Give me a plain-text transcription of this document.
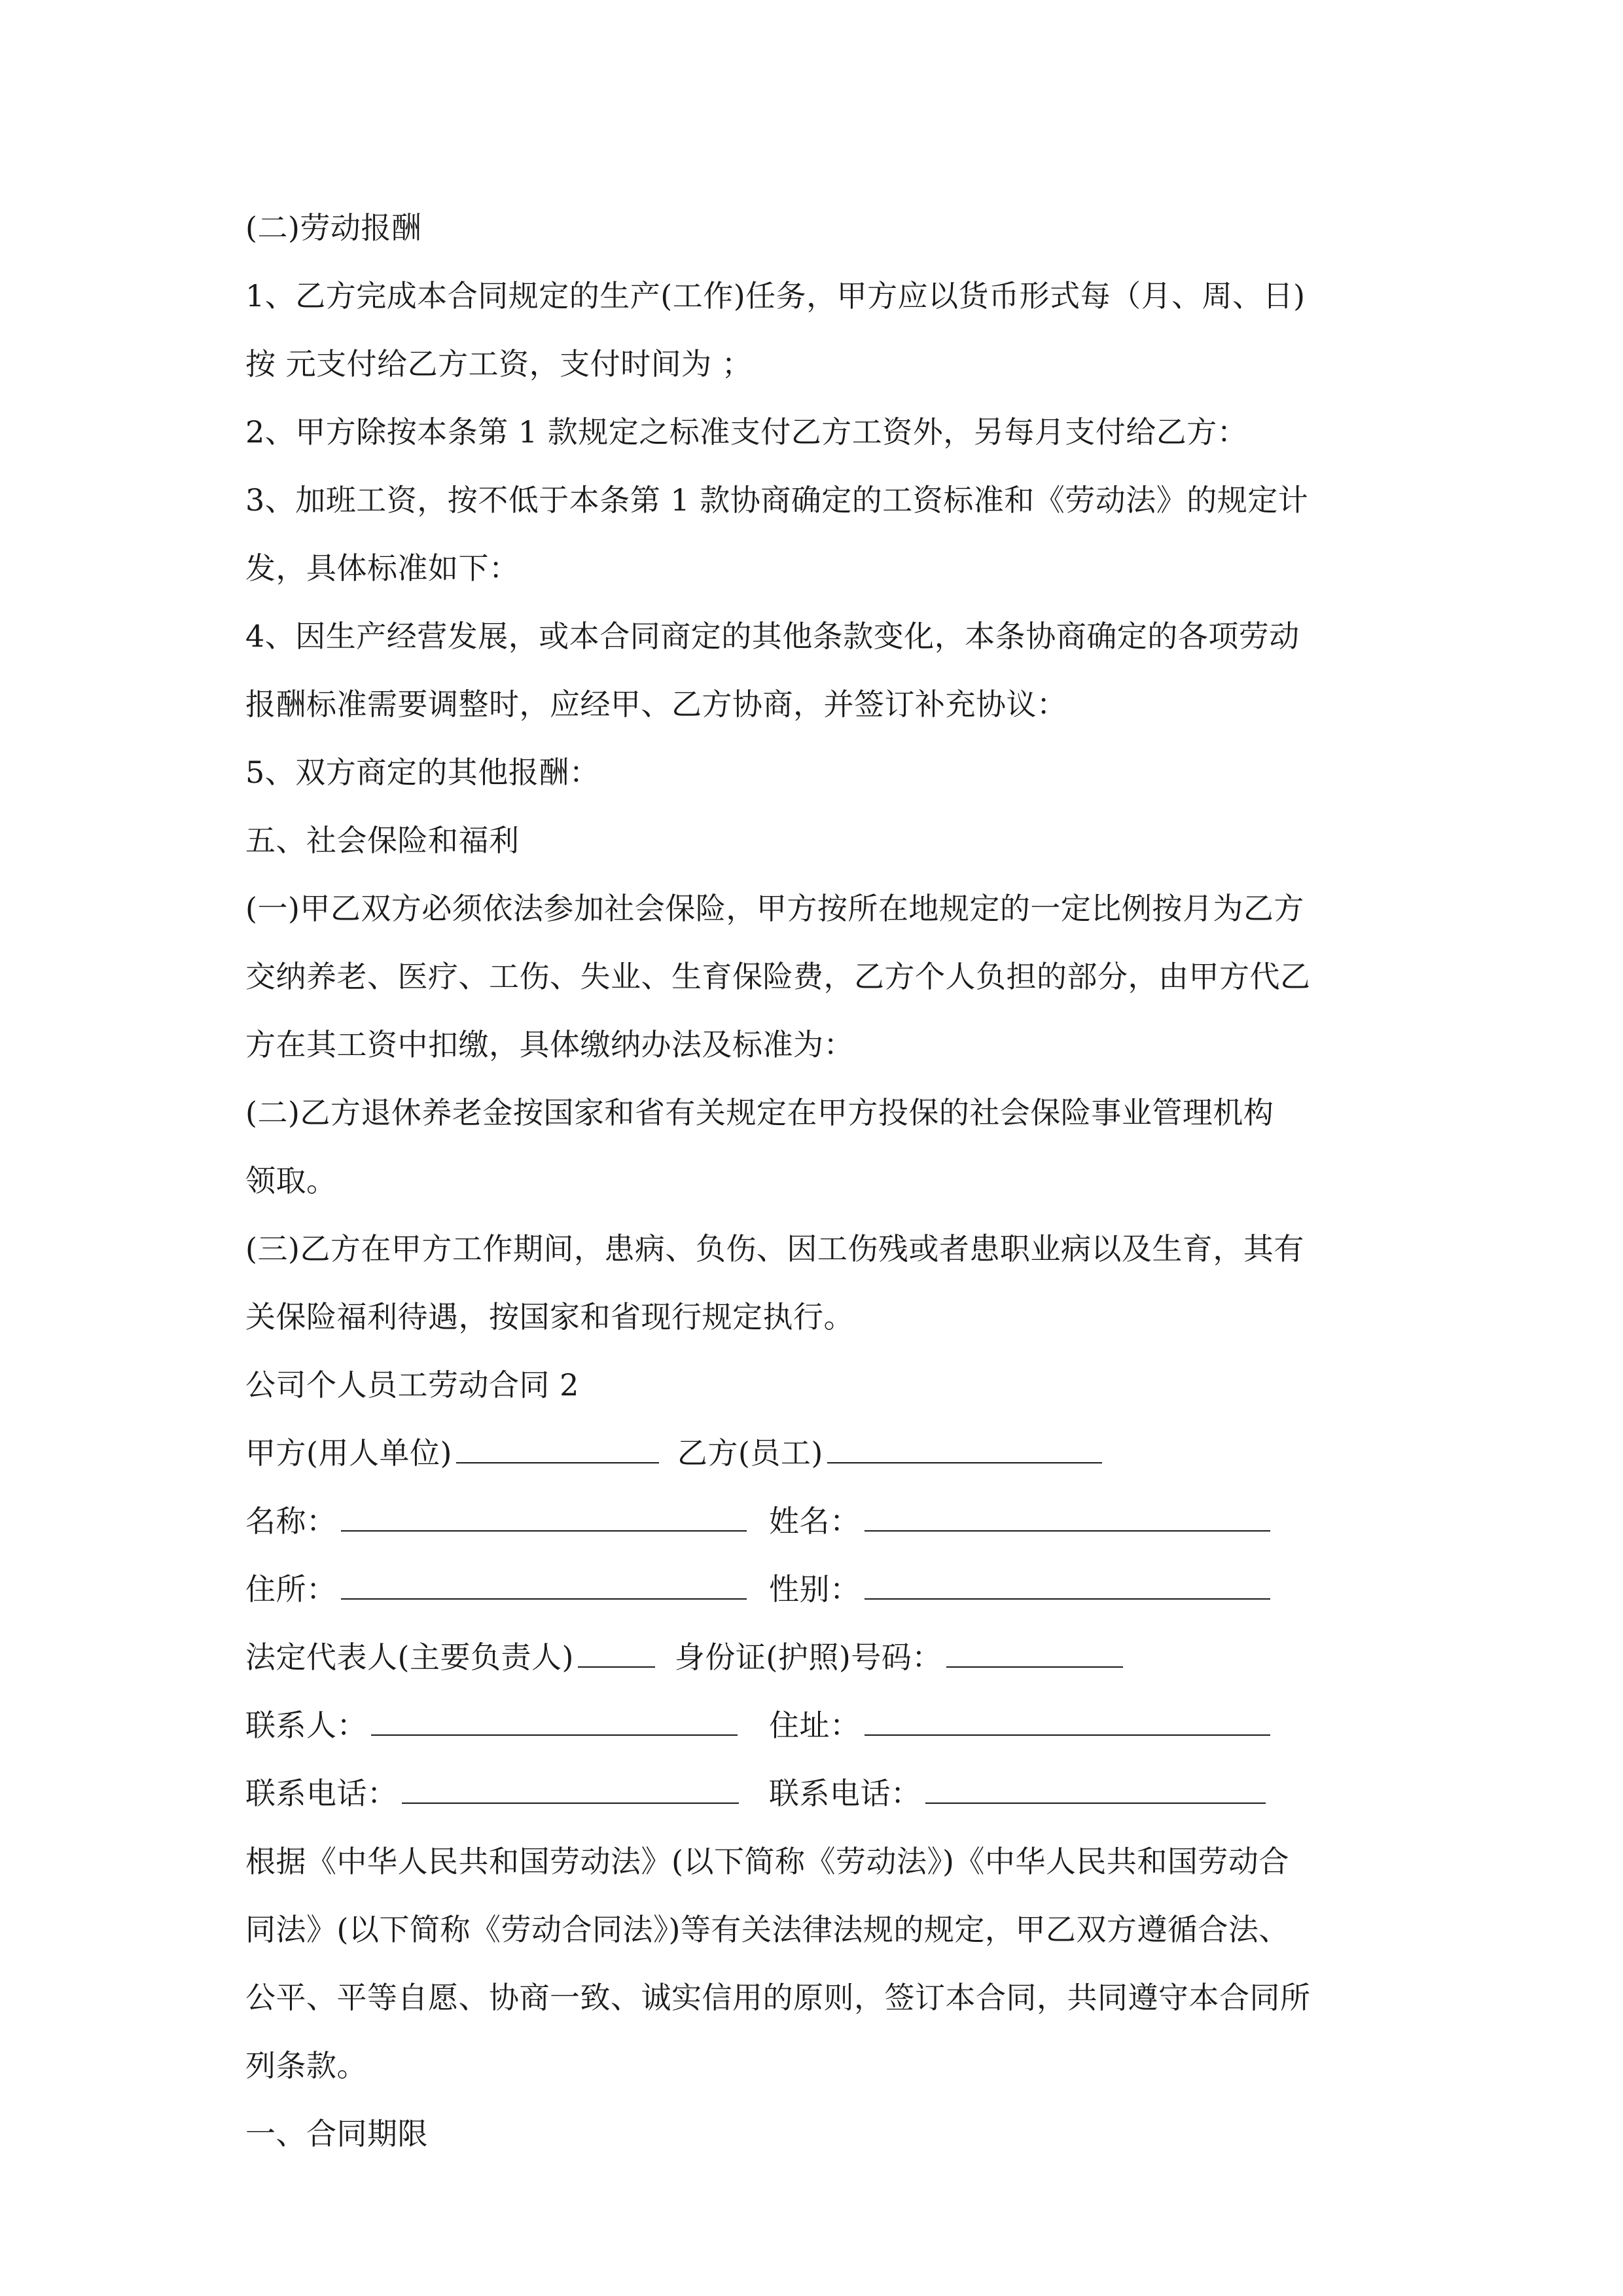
(二)劳动报酬
1、乙方完成本合同规定的生产(工作)任务，甲方应以货币形式每（月、周、日)
按 元支付给乙方工资，支付时间为 ；
2、甲方除按本条第 1 款规定之标准支付乙方工资外，另每月支付给乙方：
3、加班工资，按不低于本条第 1 款协商确定的工资标准和《劳动法》的规定计
发，具体标准如下：
4、因生产经营发展，或本合同商定的其他条款变化，本条协商确定的各项劳动
报酬标准需要调整时，应经甲、乙方协商，并签订补充协议：
5、双方商定的其他报酬：
五、社会保险和福利
(一)甲乙双方必须依法参加社会保险，甲方按所在地规定的一定比例按月为乙方
交纳养老、医疗、工伤、失业、生育保险费，乙方个人负担的部分，由甲方代乙
方在其工资中扣缴，具体缴纳办法及标准为：
(二)乙方退休养老金按国家和省有关规定在甲方投保的社会保险事业管理机构
领取。
(三)乙方在甲方工作期间，患病、负伤、因工伤残或者患职业病以及生育，其有
关保险福利待遇，按国家和省现行规定执行。
公司个人员工劳动合同 2
甲方(用人单位)	乙方(员工)
名称：	姓名：
住所：	性别：
法定代表人(主要负责人)	身份证(护照)号码：
联系人：	住址：
联系电话：	联系电话：
根据《中华人民共和国劳动法》(以下简称《劳动法》)《中华人民共和国劳动合
同法》(以下简称《劳动合同法》)等有关法律法规的规定，甲乙双方遵循合法、
公平、平等自愿、协商一致、诚实信用的原则，签订本合同，共同遵守本合同所
列条款。
一、合同期限
